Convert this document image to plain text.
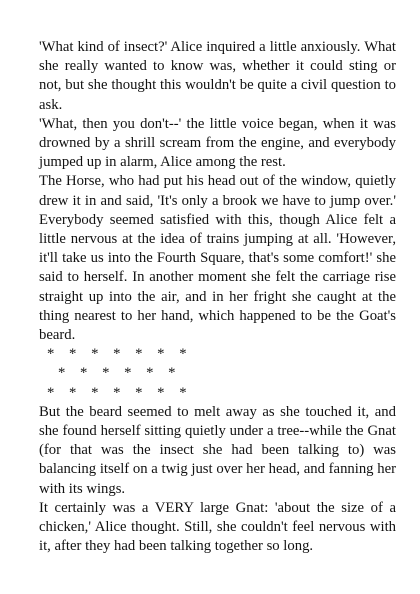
'What kind of insect?' Alice inquired a little anxiously. What she really wanted to know was, whether it could sting or not, but she thought this wouldn't be quite a civil question to ask.

'What, then you don't--' the little voice began, when it was drowned by a shrill scream from the engine, and everybody jumped up in alarm, Alice among the rest.

The Horse, who had put his head out of the window, quietly drew it in and said, 'It's only a brook we have to jump over.' Everybody seemed satisfied with this, though Alice felt a little nervous at the idea of trains jumping at all. 'However, it'll take us into the Fourth Square, that's some comfort!' she said to herself. In another moment she felt the carriage rise straight up into the air, and in her fright she caught at the thing nearest to her hand, which happened to be the Goat's beard.

*    *    *    *    *    *    *

*    *    *    *    *    *

*    *    *    *    *    *    *

But the beard seemed to melt away as she touched it, and she found herself sitting quietly under a tree--while the Gnat (for that was the insect she had been talking to) was balancing itself on a twig just over her head, and fanning her with its wings.

It certainly was a VERY large Gnat: 'about the size of a chicken,' Alice thought. Still, she couldn't feel nervous with it, after they had been talking together so long.
